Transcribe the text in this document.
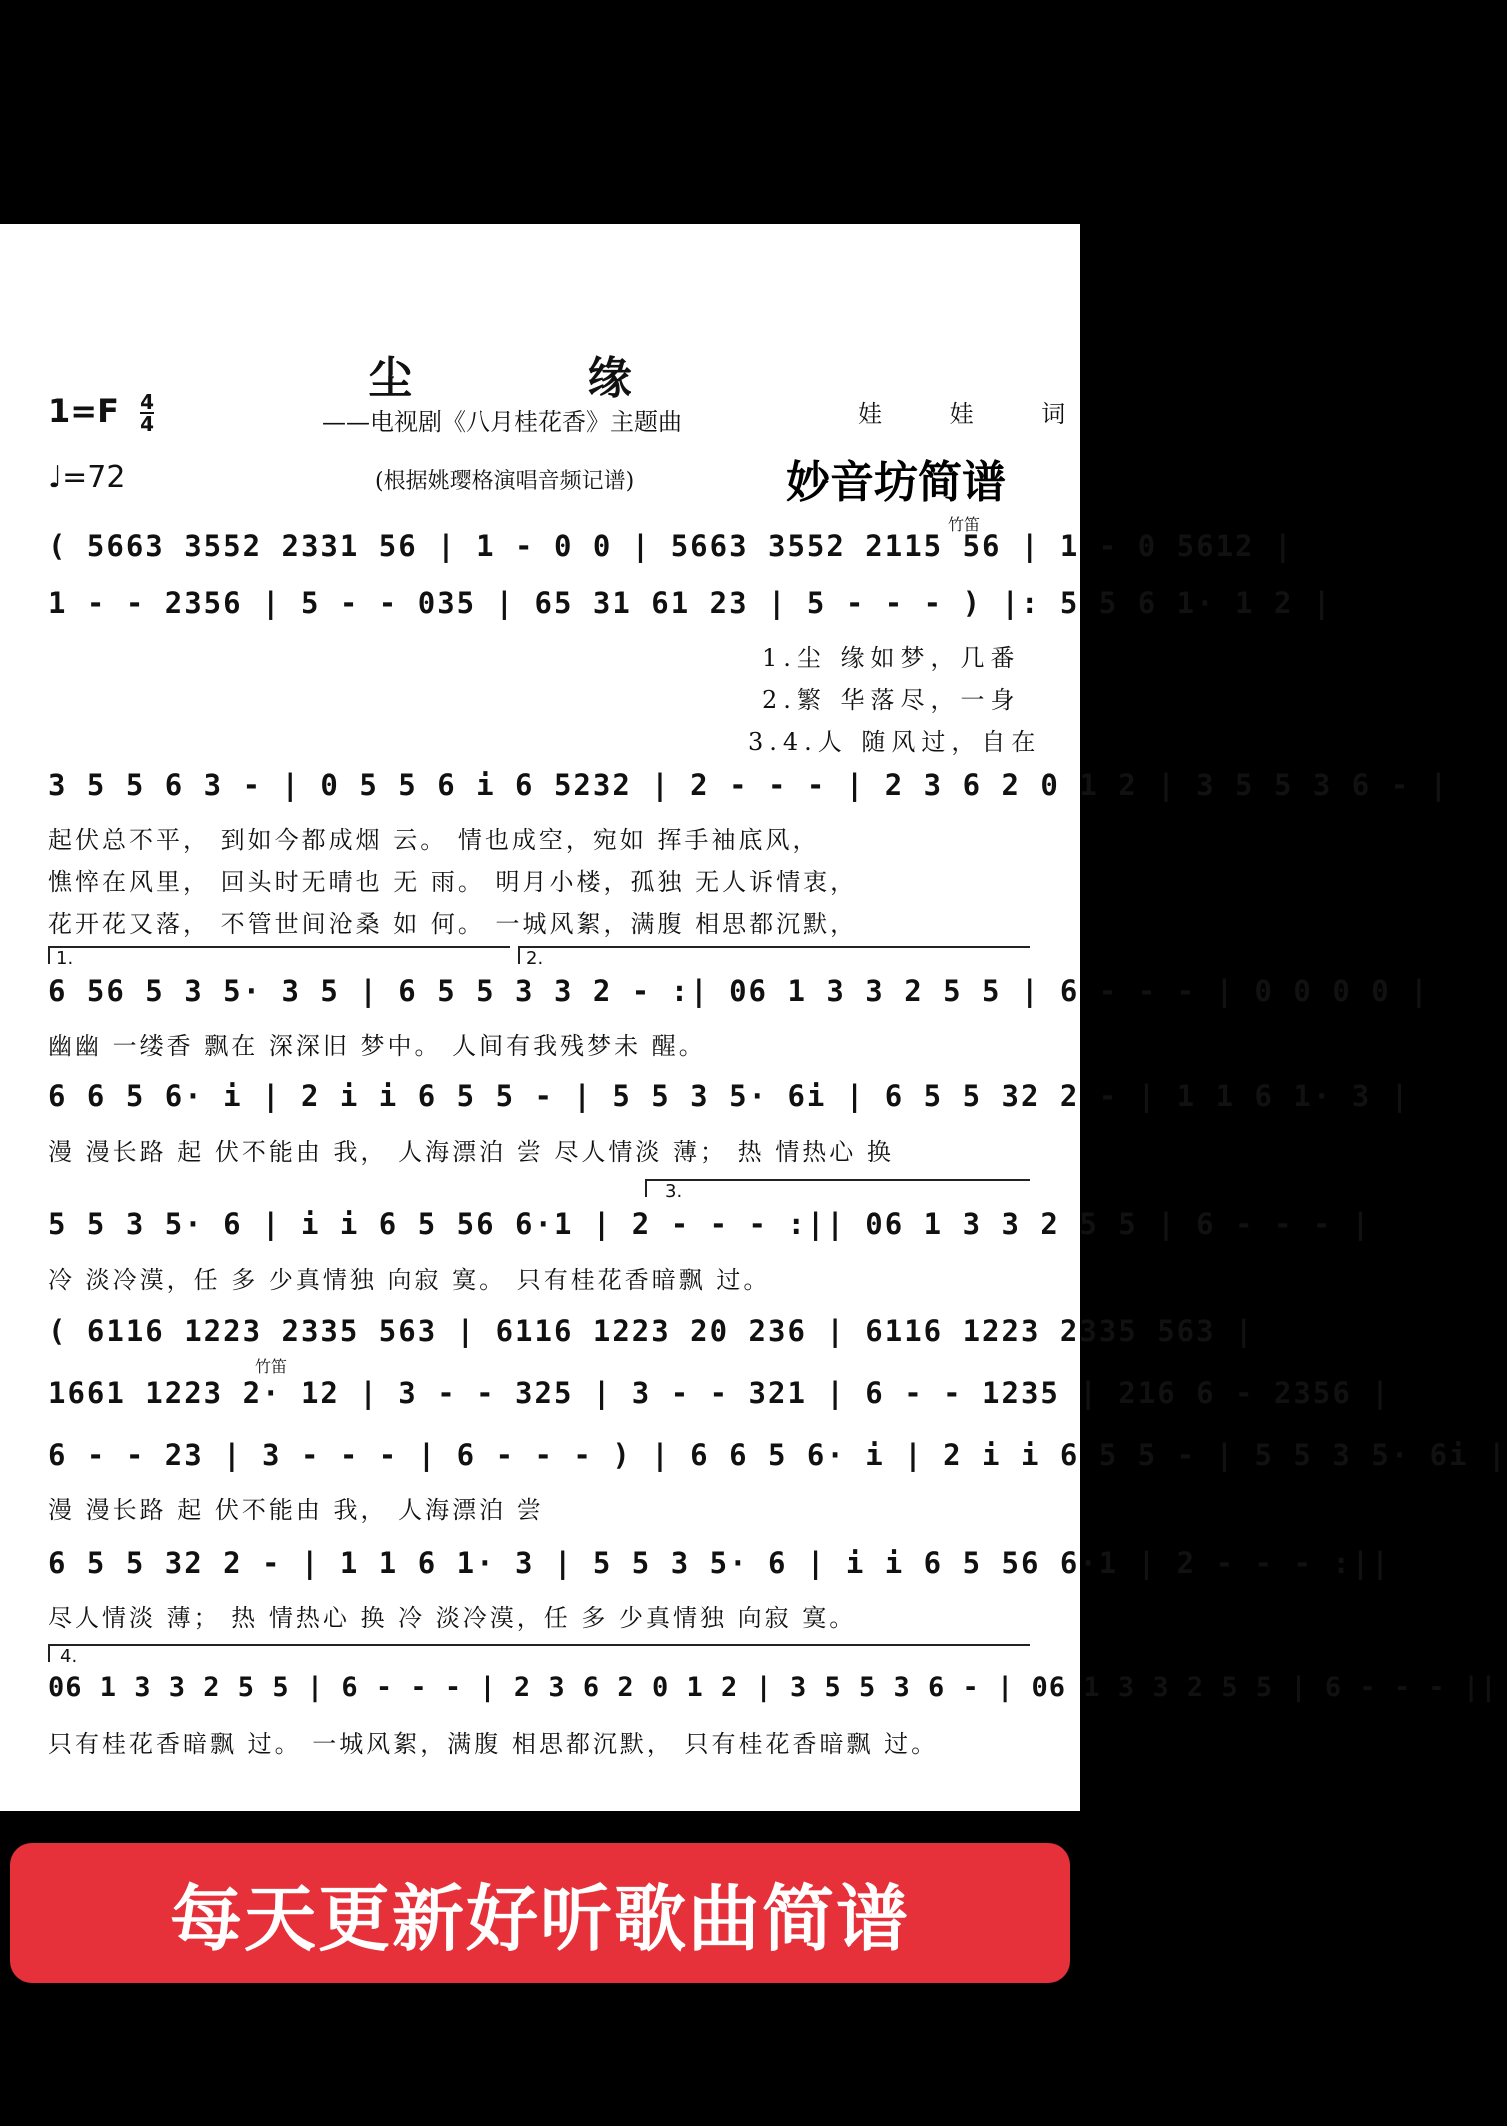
尘 缘
$1=F \frac{4}{4}$	——电视剧《八月桂花香》主题曲	娃 娃 词
♩=72	(根据姚璎格演唱音频记谱)	妙音坊简谱
竹笛
竹笛
( 5663 3552 2331 56 | 1 - 0 0 | 5663 3552 2115 56 | 1 - 0 5612 |
1 - - 2356 | 5 - - 035 | 65 31 61 23 | 5 - - - ) |: 5 5 6 1· 1 2 |
1.尘 缘如梦，几番
2.繁 华落尽，一身
3.4.人 随风过，自在
3 5 5 6 3 - | 0 5 5 6 i 6 5232 | 2 - - - | 2 3 6 2 0 1 2 | 3 5 5 3 6 - |
起伏总不平， 到如今都成烟 云。 情也成空，宛如 挥手袖底风，
憔悴在风里， 回头时无晴也 无 雨。 明月小楼，孤独 无人诉情衷，
花开花又落， 不管世间沧桑 如 何。 一城风絮，满腹 相思都沉默，
1.	2.
6 56 5 3 5· 3 5 | 6 5 5 3 3 2 - :| 06 1 3 3 2 5 5 | 6 - - - | 0 0 0 0 |
幽幽 一缕香 飘在 深深旧 梦中。 人间有我残梦未 醒。
6 6 5 6· i | 2 i i 6 5 5 - | 5 5 3 5· 6i | 6 5 5 32 2 - | 1 1 6 1· 3 |
漫 漫长路 起 伏不能由 我， 人海漂泊 尝 尽人情淡 薄； 热 情热心 换
3.
5 5 3 5· 6 | i i 6 5 56 6·1 | 2 - - - :|| 06 1 3 3 2 5 5 | 6 - - - |
冷 淡冷漠，任 多 少真情独 向寂 寞。 只有桂花香暗飘 过。
( 6116 1223 2335 563 | 6116 1223 20 236 | 6116 1223 2335 563 |
1661 1223 2· 12 | 3 - - 325 | 3 - - 321 | 6 - - 1235 | 216 6 - 2356 |
6 - - 23 | 3 - - - | 6 - - - ) | 6 6 5 6· i | 2 i i 6 5 5 - | 5 5 3 5· 6i |
漫 漫长路 起 伏不能由 我， 人海漂泊 尝
6 5 5 32 2 - | 1 1 6 1· 3 | 5 5 3 5· 6 | i i 6 5 56 6·1 | 2 - - - :||
尽人情淡 薄； 热 情热心 换 冷 淡冷漠，任 多 少真情独 向寂 寞。
4.
06 1 3 3 2 5 5 | 6 - - - | 2 3 6 2 0 1 2 | 3 5 5 3 6 - | 06 1 3 3 2 5 5 | 6 - - - ||
只有桂花香暗飘 过。 一城风絮，满腹 相思都沉默， 只有桂花香暗飘 过。
每天更新好听歌曲简谱
